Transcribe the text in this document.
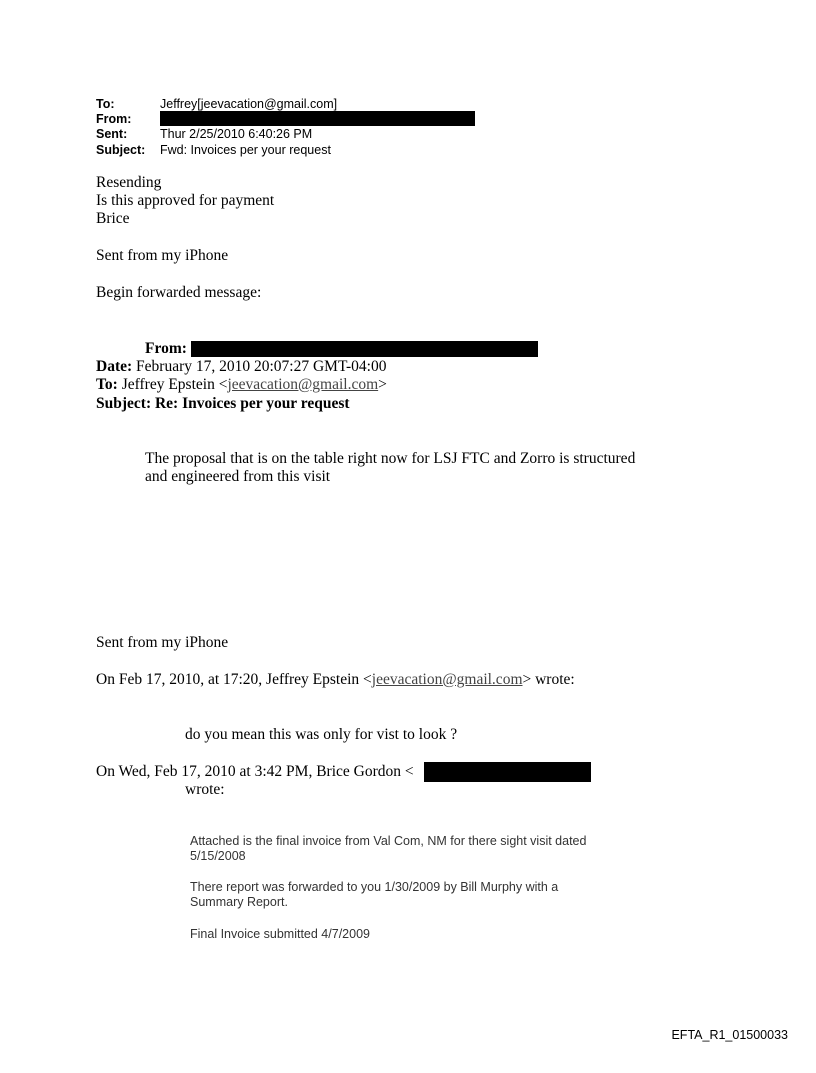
To:	Jeffrey[jeevacation@gmail.com]
From:
Sent:	Thur 2/25/2010 6:40:26 PM
Subject: Fwd: Invoices per your request
Resending
Is this approved for payment
Brice
Sent from my iPhone
Begin forwarded message:
From:
Date: February 17, 2010 20:07:27 GMT-04:00
To: Jeffrey Epstein <jeevacation@gmail.com>
Subject: Re: Invoices per your request
The proposal that is on the table right now for LSJ FTC and Zorro is structured
and engineered from this visit
Sent from my iPhone
On Feb 17, 2010, at 17:20, Jeffrey Epstein <jeevacation@gmail.com> wrote:
do you mean this was only for vist to look ?
On Wed, Feb 17, 2010 at 3:42 PM, Brice Gordon <
wrote:
Attached is the final invoice from Val Com, NM for there sight visit dated
5/15/2008
There report was forwarded to you 1/30/2009 by Bill Murphy with a
Summary Report.
Final Invoice submitted 4/7/2009
EFTA_R1_01500033
